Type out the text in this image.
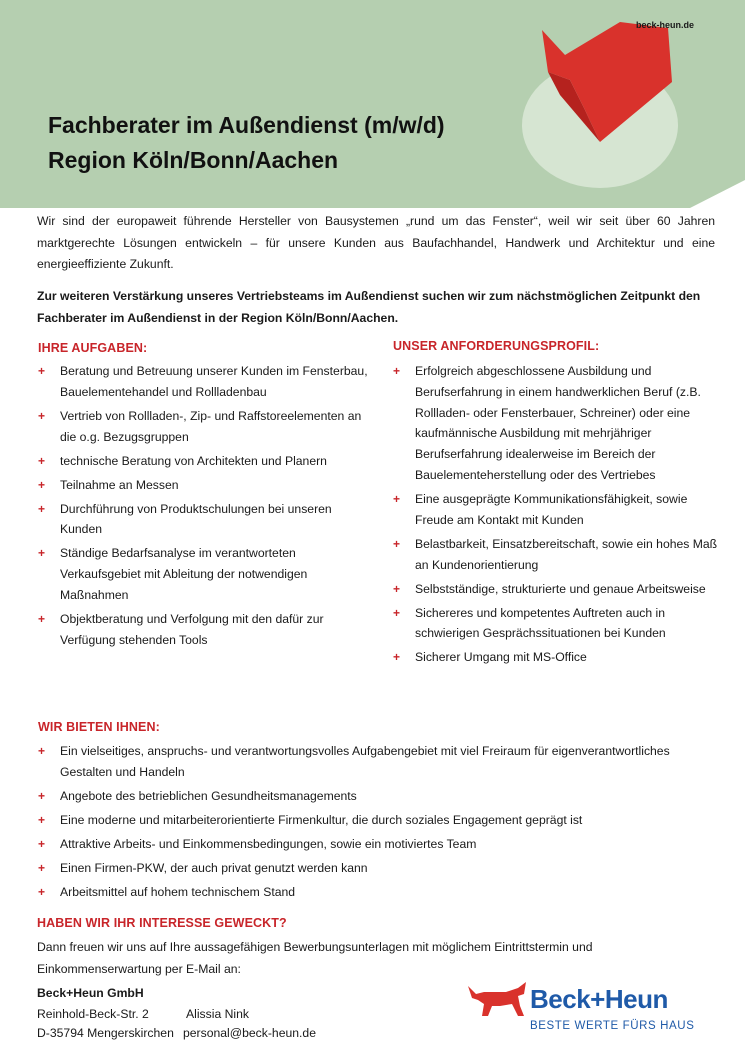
beck-heun.de
Fachberater im Außendienst (m/w/d)
Region Köln/Bonn/Aachen

Wir sind der europaweit führende Hersteller von Bausystemen „rund um das Fenster“, weil wir seit über 60 Jahren marktgerechte Lösungen entwickeln – für unsere Kunden aus Baufachhandel, Handwerk und Architektur und eine energieeffiziente Zukunft.

Zur weiteren Verstärkung unseres Vertriebsteams im Außendienst suchen wir zum nächstmöglichen Zeitpunkt den Fachberater im Außendienst in der Region Köln/Bonn/Aachen.

IHRE AUFGABEN:
+ Beratung und Betreuung unserer Kunden im Fensterbau, Bauelementehandel und Rollladenbau
+ Vertrieb von Rollladen-, Zip- und Raffstoreelementen an die o.g. Bezugsgruppen
+ technische Beratung von Architekten und Planern
+ Teilnahme an Messen
+ Durchführung von Produktschulungen bei unseren Kunden
+ Ständige Bedarfsanalyse im verantworteten Verkaufsgebiet mit Ableitung der notwendigen Maßnahmen
+ Objektberatung und Verfolgung mit den dafür zur Verfügung stehenden Tools
UNSER ANFORDERUNGSPROFIL:
+ Erfolgreich abgeschlossene Ausbildung und Berufserfahrung in einem handwerklichen Beruf (z.B. Rollladen- oder Fensterbauer, Schreiner) oder eine kaufmännische Ausbildung mit mehrjähriger Berufserfahrung idealerweise im Bereich der Bauelementeherstellung oder des Vertriebes
+ Eine ausgeprägte Kommunikationsfähigkeit, sowie Freude am Kontakt mit Kunden
+ Belastbarkeit, Einsatzbereitschaft, sowie ein hohes Maß an Kundenorientierung
+ Selbstständige, strukturierte und genaue Arbeitsweise
+ Sichereres und kompetentes Auftreten auch in schwierigen Gesprächssituationen bei Kunden
+ Sicherer Umgang mit MS-Office
WIR BIETEN IHNEN:
+ Ein vielseitiges, anspruchs- und verantwortungsvolles Aufgabengebiet mit viel Freiraum für eigenverantwortliches Gestalten und Handeln
+ Angebote des betrieblichen Gesundheitsmanagements
+ Eine moderne und mitarbeiterorientierte Firmenkultur, die durch soziales Engagement geprägt ist
+ Attraktive Arbeits- und Einkommensbedingungen, sowie ein motiviertes Team
+ Einen Firmen-PKW, der auch privat genutzt werden kann
+ Arbeitsmittel auf hohem technischem Stand
HABEN WIR IHR INTERESSE GEWECKT?

Dann freuen wir uns auf Ihre aussagefähigen Bewerbungsunterlagen mit möglichem Eintrittstermin und Einkommenserwartung per E-Mail an:

Beck+Heun GmbH
Reinhold-Beck-Str. 2
D-35794 Mengerskirchen
Alissia Nink
personal@beck-heun.de
Beck+Heun
BESTE WERTE FÜRS HAUS
